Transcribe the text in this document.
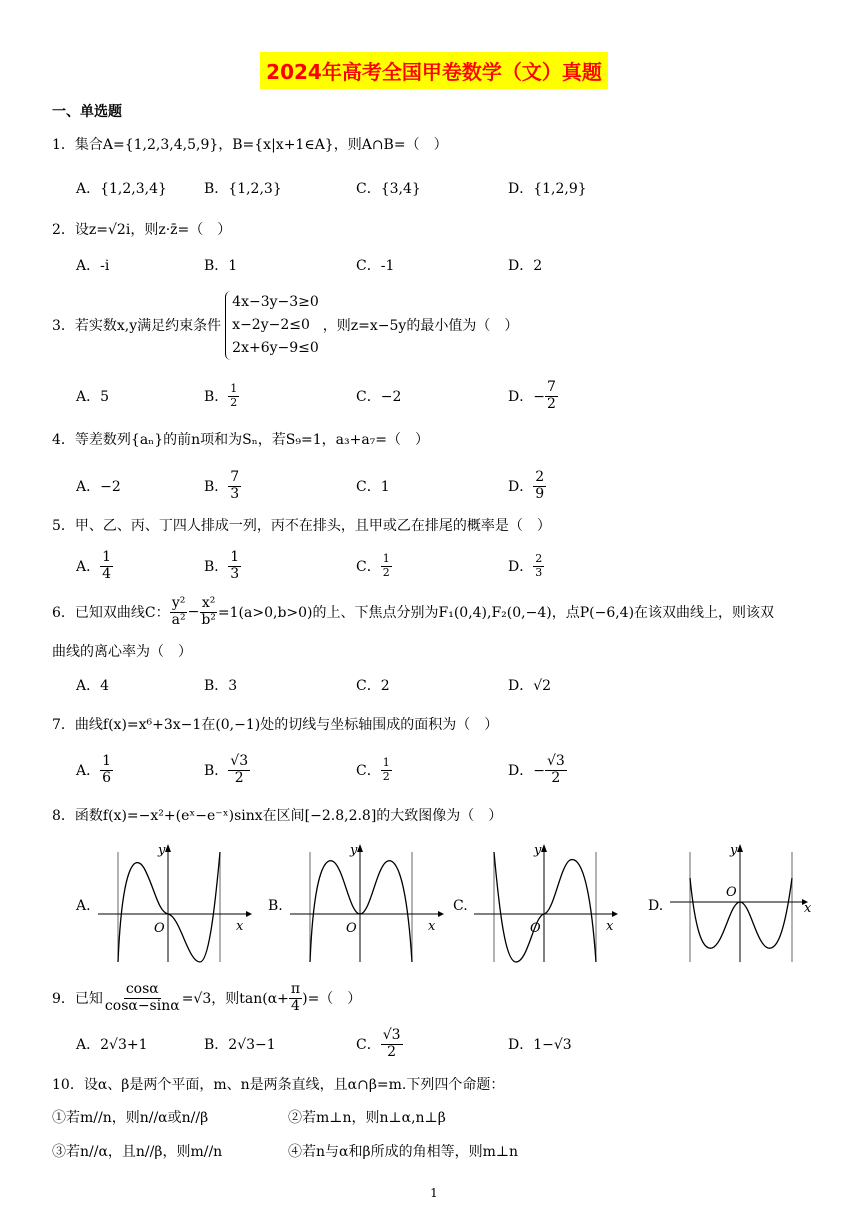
2024年高考全国甲卷数学（文）真题
一、单选题
1．集合A={1,2,3,4,5,9}，B={x|x+1∈A}，则A∩B=（　）
A．{1,2,3,4}	B．{1,2,3}	C．{3,4}	D．{1,2,9}
2．设z=√2i，则z·z̄=（　）
A．-i	B．1	C．-1	D．2
3．若实数x,y满足约束条件
4x−3y−3≥0
x−2y−2≤0
2x+6y−9≤0
，则z=x−5y的最小值为（　）
A．5	B． $\frac{1}{2}$	C．−2	D．− $\frac{7}{2}$
4．等差数列{aₙ}的前n项和为Sₙ，若S₉=1，a₃+a₇=（　）
A．−2	B． $\frac{7}{3}$	C．1	D． $\frac{2}{9}$
5．甲、乙、丙、丁四人排成一列，丙不在排头，且甲或乙在排尾的概率是（　）
A． $\frac{1}{4}$	B． $\frac{1}{3}$	C． $\frac{1}{2}$	D． $\frac{2}{3}$
6．已知双曲线C： $\frac{\text{y²}}{\text{a²}} - \frac{\text{x²}}{\text{b²}} =1(a>0,b>0)$的上、下焦点分别为F₁(0,4),F₂(0,−4)，点P(−6,4)在该双曲线上，则该双
曲线的离心率为（　）
A．4	B．3	C．2	D．√2
7．曲线f(x)=x⁶+3x−1在(0,−1)处的切线与坐标轴围成的面积为（　）
A． $\frac{1}{6}$	B． $\frac{√3}{2}$	C． $\frac{1}{2}$	D．− $\frac{√3}{2}$
8．函数f(x)=−x²+(eˣ−e⁻ˣ)sinx在区间[−2.8,2.8]的大致图像为（　）
A.
x
y
O
B.
x
y
O
C.
x
y
O
D.	x
y
O
9．已知 $\frac{\cos\alpha}{\cos\alpha-\sin\alpha} =√3$，则$\tan(\alpha+ \frac{\pi}{4}$ )=（　）
A．2√3+1	B．2√3−1	C． $\frac{√3}{2}$	D．1−√3
10．设α、β是两个平面，m、n是两条直线，且α∩β=m.下列四个命题：
①若m//n，则n//α或n//β	②若m⊥n，则n⊥α,n⊥β
③若n//α，且n//β，则m//n	④若n与α和β所成的角相等，则m⊥n
1
